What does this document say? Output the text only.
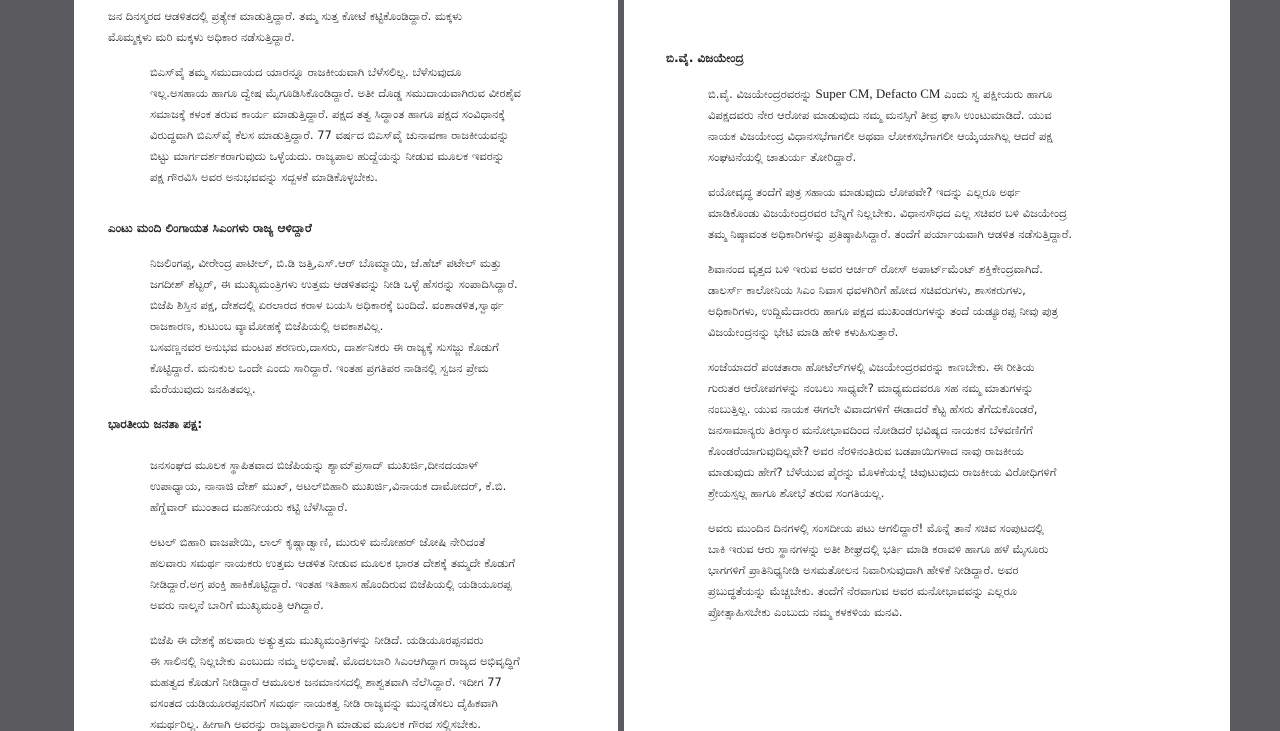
ಜನ ದಿನಸ್ಮರದ ಆಡಳಿತದಲ್ಲಿ ಪ್ರತ್ಯೇಕ ಮಾಡುತ್ತಿದ್ದಾರೆ. ತಮ್ಮ ಸುತ್ತ ಕೋಟೆ ಕಟ್ಟಿಕೊಂಡಿದ್ದಾರೆ. ಮಕ್ಕಳು
ಮೊಮ್ಮಕ್ಕಳು ಮರಿ ಮಕ್ಕಳು ಅಧಿಕಾರ ನಡೆಸುತ್ತಿದ್ದಾರೆ.
ಬಿಎಸ್‌ವೈ ತಮ್ಮ ಸಮುದಾಯದ ಯಾರನ್ನೂ ರಾಜಕೀಯವಾಗಿ ಬೆಳೆಸಲಿಲ್ಲ. ಬೆಳೆಸುವುದೂ
ಇಲ್ಲ.ಅಸಹಾಯ ಹಾಗೂ ದ್ವೇಷ ಮೈಗೂಡಿಸಿಕೊಂಡಿದ್ದಾರೆ. ಅತೀ ದೊಡ್ಡ ಸಮುದಾಯವಾಗಿರುವ ವೀರಶೈವ
ಸಮಾಜಕ್ಕೆ ಕಳಂಕ ತರುವ ಕಾರ್ಯ ಮಾಡುತ್ತಿದ್ದಾರೆ. ಪಕ್ಷದ ತತ್ವ ಸಿದ್ಧಾಂತ ಹಾಗೂ ಪಕ್ಷದ ಸಂವಿಧಾನಕ್ಕೆ
ವಿರುದ್ಧವಾಗಿ ಬಿಎಸ್‌ವೈ ಕೆಲಸ ಮಾಡುತ್ತಿದ್ದಾರೆ. 77 ವರ್ಷದ ಬಿಎಸ್‌ವೈ ಚುನಾವಣಾ ರಾಜಕೀಯವನ್ನು
ಬಿಟ್ಟು ಮಾರ್ಗದರ್ಶಕರಾಗುವುದು ಒಳ್ಳೆಯದು. ರಾಜ್ಯಪಾಲ ಹುದ್ದೆಯನ್ನು ನೀಡುವ ಮೂಲಕ ಇವರನ್ನು
ಪಕ್ಷ ಗೌರವಿಸಿ ಅವರ ಅನುಭವವನ್ನು ಸದ್ಬಳಕೆ ಮಾಡಿಕೊಳ್ಳಬೇಕು.
ಎಂಟು ಮಂದಿ ಲಿಂಗಾಯತ ಸಿಎಂಗಳು ರಾಜ್ಯ ಆಳಿದ್ದಾರೆ
ನಿಜಲಿಂಗಪ್ಪ, ವೀರೇಂದ್ರ ಪಾಟೀಲ್, ಬಿ.ಡಿ ಜತ್ತಿ,ಎಸ್.ಆರ್ ಬೊಮ್ಮಾಯಿ, ಜೆ.ಹೆಚ್ ಪಟೇಲ್ ಮತ್ತು
ಜಗದೀಶ್ ಶೆಟ್ಟರ್, ಈ ಮುಖ್ಯಮಂತ್ರಿಗಳು ಉತ್ತಮ ಆಡಳಿತವನ್ನು ನೀಡಿ ಒಳ್ಳೆ ಹೆಸರನ್ನು ಸಂಪಾದಿಸಿದ್ದಾರೆ.
ಬಿಜೆಪಿ ಶಿಸ್ತಿನ ಪಕ್ಷ, ದೇಶದಲ್ಲಿ ಏರಲಾರದ ಕರಾಳ ಬಯಸಿ ಅಧಿಕಾರಕ್ಕೆ ಬಂದಿದೆ. ವಂಶಾಡಳಿತ,ಸ್ವಾರ್ಥ
ರಾಜಕಾರಣ, ಕುಟುಂಬ ವ್ಯಾಮೋಹಕ್ಕೆ ಬಿಜೆಪಿಯಲ್ಲಿ ಅವಕಾಶವಿಲ್ಲ.
ಬಸವಣ್ಣನವರ ಅನುಭವ ಮಂಟಪ ಶರಣರು,ದಾಸರು, ದಾರ್ಶನಿಕರು ಈ ರಾಜ್ಯಕ್ಕೆ ಸುಸಜ್ಜು ಕೊಡುಗೆ
ಕೊಟ್ಟಿದ್ದಾರೆ. ಮನುಕುಲ ಒಂದೇ ಎಂದು ಸಾರಿದ್ದಾರೆ. ಇಂತಹ ಪ್ರಗತಿಪರ ನಾಡಿನಲ್ಲಿ ಸ್ವಜನ ಪ್ರೇಮ
ಮೆರೆಯುವುದು ಜನಹಿತವಲ್ಲ.
ಭಾರತೀಯ ಜನತಾ ಪಕ್ಷ:
ಜನಸಂಘದ ಮೂಲಕ ಸ್ಥಾಪಿತವಾದ ಬಿಜೆಪಿಯನ್ನು ಶ್ಯಾಮ್‌ಪ್ರಸಾದ್ ಮುಖರ್ಜಿ,ದೀನದಯಾಳ್
ಉಪಾಧ್ಯಾಯ, ನಾನಾಜಿ ದೇಶ್ ಮುಖ್, ಅಟಲ್‌ಬಿಹಾರಿ ಮುಖರ್ಜಿ,ವಿನಾಯಕ ದಾಮೋದರ್, ಕೆ.ಬಿ.
ಹೆಗ್ಡೆವಾರ್ ಮುಂತಾದ ಮಹನೀಯರು ಕಟ್ಟಿ ಬೆಳೆಸಿದ್ದಾರೆ.
ಅಟಲ್ ಬಿಹಾರಿ ವಾಜಪೇಯಿ, ಲಾಲ್ ಕೃಷ್ಣಾಡ್ವಾಣಿ, ಮುರುಳಿ ಮನೋಹರ್ ಜೋಷಿ ನೇರಿದಂತೆ
ಹಲವಾರು ಸಮರ್ಥ ನಾಯಕರು ಉತ್ತಮ ಆಡಳಿತ ನೀಡುವ ಮೂಲಕ ಭಾರತ ದೇಶಕ್ಕೆ ತಮ್ಮದೇ ಕೊಡುಗೆ
ನೀಡಿದ್ದಾರೆ.ಅಗ್ರ ಪಂಕ್ತಿ ಹಾಕಿಕೊಟ್ಟಿದ್ದಾರೆ. ಇಂತಹ ಇತಿಹಾಸ ಹೊಂದಿರುವ ಬಿಜೆಪಿಯಲ್ಲಿ ಯಡಿಯೂರಪ್ಪ
ಅವರು ನಾಲ್ಕನೆ ಬಾರಿಗೆ ಮುಖ್ಯಮಂತ್ರಿ ಆಗಿದ್ದಾರೆ.
ಬಿಜೆಪಿ ಈ ದೇಶಕ್ಕೆ ಹಲವಾರು ಅತ್ಯುತ್ತಮ ಮುಖ್ಯಮಂತ್ರಿಗಳನ್ನು ನೀಡಿದೆ. ಯಡಿಯೂರಪ್ಪನವರು
ಈ ಸಾಲಿನಲ್ಲಿ ನಿಲ್ಲಬೇಕು ಎಂಬುದು ನಮ್ಮ ಅಭಿಲಾಷೆ. ಮೊದಲಬಾರಿ ಸಿಎಂಆಗಿದ್ದಾಗ ರಾಜ್ಯದ ಅಭಿವೃದ್ಧಿಗೆ
ಮಹತ್ವದ ಕೊಡುಗೆ ನೀಡಿದ್ದಾರೆ ಆಮೂಲಕ ಜನಮಾನಸದಲ್ಲಿ ಶಾಶ್ವತವಾಗಿ ನೆಲೆಸಿದ್ದಾರೆ. ಇದೀಗ 77
ವಸಂತದ ಯಡಿಯೂರಪ್ಪನವರಿಗೆ ಸಮರ್ಥ ನಾಯಕತ್ವ ನೀಡಿ ರಾಜ್ಯವನ್ನು ಮುನ್ನಡೆಸಲು ದೈಹಿಕವಾಗಿ
ಸಮರ್ಥರಿಲ್ಲ. ಹೀಗಾಗಿ ಅವರನ್ನು ರಾಜ್ಯಪಾಲರನ್ನಾಗಿ ಮಾಡುವ ಮೂಲಕ ಗೌರವ ಸಲ್ಲಿಸಬೇಕು.
ಬಿ.ವೈ. ವಿಜಯೇಂದ್ರ
ಬಿ.ವೈ. ವಿಜಯೇಂದ್ರರವರನ್ನು Super CM, Defacto CM ಎಂದು ಸ್ವ ಪಕ್ಷೀಯರು ಹಾಗೂ
ವಿಪಕ್ಷದವರು ನೇರ ಆರೋಪ ಮಾಡುವುದು ನಮ್ಮ ಮನಸ್ಸಿಗೆ ತೀವ್ರ ಘಾಸಿ ಉಂಟುಮಾಡಿದೆ. ಯುವ
ನಾಯಕ ವಿಜಯೇಂದ್ರ ವಿಧಾನಸಭೆಗಾಗಲೀ ಅಥವಾ ಲೋಕಸಭೆಗಾಗಲೀ ಆಯ್ಕೆಯಾಗಿಲ್ಲ ಆದರೆ ಪಕ್ಷ
ಸಂಘಟನೆಯಲ್ಲಿ ಚಾತುರ್ಯ ತೋರಿದ್ದಾರೆ.
ವಯೋವೃದ್ಧ ತಂದೆಗೆ ಪುತ್ರ ಸಹಾಯ ಮಾಡುವುದು ಲೋಪವೇ? ಇದನ್ನು ಎಲ್ಲರೂ ಅರ್ಥ
ಮಾಡಿಕೊಂಡು ವಿಜಯೇಂದ್ರರವರ ಬೆನ್ನಿಗೆ ನಿಲ್ಲಬೇಕು. ವಿಧಾನಸೌಧದ ಎಲ್ಲ ಸಚಿವರ ಬಳಿ ವಿಜಯೇಂದ್ರ
ತಮ್ಮ ನಿಷ್ಠಾವಂತ ಅಧಿಕಾರಿಗಳನ್ನು ಪ್ರತಿಷ್ಠಾಪಿಸಿದ್ದಾರೆ. ತಂದೆಗೆ ಪರ್ಯಾಯವಾಗಿ ಆಡಳಿತ ನಡೆಸುತ್ತಿದ್ದಾರೆ.
ಶಿವಾನಂದ ವೃತ್ತದ ಬಳಿ ಇರುವ ಅವರ ಆರ್ಚರ್ ರೋಸ್ ಅಪಾರ್ಟ್‌ಮೆಂಟ್ ಶಕ್ತಿಕೇಂದ್ರವಾಗಿದೆ.
ಡಾಲರ್ಸ್ ಕಾಲೋನಿಯ ಸಿಎಂ ನಿವಾಸ ಧವಳಗಿರಿಗೆ ಹೋದ ಸಚಿವರುಗಳು, ಶಾಸಕರುಗಳು,
ಅಧಿಕಾರಿಗಳು, ಉದ್ದಿಮೆದಾರರು ಹಾಗೂ ಪಕ್ಷದ ಮುಖಂಡರುಗಳನ್ನು ತಂದೆ ಯಡ್ಯೂರಪ್ಪ ನೀವು ಪುತ್ರ
ವಿಜಯೇಂದ್ರನನ್ನು ಭೇಟಿ ಮಾಡಿ ಹೇಳಿ ಕಳುಹಿಸುತ್ತಾರೆ.
ಸಂಜೆಯಾದರೆ ಪಂಚತಾರಾ ಹೋಟೆಲ್‌ಗಳಲ್ಲಿ ವಿಜಯೇಂದ್ರರವರನ್ನು ಕಾಣಬೇಕು. ಈ ರೀತಿಯ
ಗುರುತರ ಆರೋಪಗಳನ್ನು ನಂಬಲು ಸಾಧ್ಯವೇ? ಮಾಧ್ಯಮದವರೂ ಸಹ ನಮ್ಮ ಮಾತುಗಳನ್ನು
ನಂಬುತ್ತಿಲ್ಲ. ಯುವ ನಾಯಕ ಈಗಲೇ ವಿವಾದಗಳಿಗೆ ಈಡಾದರೆ ಕೆಟ್ಟ ಹೆಸರು ತೆಗೆದುಕೊಂಡರೆ,
ಜನಸಾಮಾನ್ಯರು ತಿರಸ್ಕಾರ ಮನೋಭಾವದಿಂದ ನೋಡಿದರೆ ಭವಿಷ್ಯದ ನಾಯಕನ ಬೆಳವಣಿಗೆಗೆ
ಕೊಂಡರೆಯಾಗುವುದಿಲ್ಲವೇ? ಅವರ ನೆರಳಿನಂತಿರುವ ಬಡಪಾಯಿಗಳಾದ ನಾವು ರಾಜಕೀಯ
ಮಾಡುವುದು ಹೇಗೆ? ಬೆಳೆಯುವ ಪೈರನ್ನು ಮೊಳಕೆಯಲ್ಲೆ ಚಿವುಟುವುದು ರಾಜಕೀಯ ವಿರೋಧಿಗಳಿಗೆ
ಶ್ರೇಯಸ್ಸಲ್ಲ ಹಾಗೂ ಶೋಭೆ ತರುವ ಸಂಗತಿಯಲ್ಲ.
ಅವರು ಮುಂದಿನ ದಿನಗಳಲ್ಲಿ ಸಂಸದೀಯ ಪಟು ಆಗಲಿದ್ದಾರೆ! ಮೊನ್ನೆ ತಾನೆ ಸಚಿವ ಸಂಪುಟದಲ್ಲಿ
ಬಾಕಿ ಇರುವ ಆರು ಸ್ಥಾನಗಳನ್ನು ಅತೀ ಶೀಘ್ರದಲ್ಲಿ ಭರ್ತಿ ಮಾಡಿ ಕರಾವಳಿ ಹಾಗೂ ಹಳೆ ಮೈಸೂರು
ಭಾಗಗಳಿಗೆ ಪ್ರಾತಿನಿಧ್ಯನೀಡಿ ಅಸಮತೋಲನ ನಿವಾರಿಸುವುದಾಗಿ ಹೇಳಿಕೆ ನೀಡಿದ್ದಾರೆ. ಅವರ
ಪ್ರಬುದ್ಧತೆಯನ್ನು ಮೆಚ್ಚಬೇಕು. ತಂದೆಗೆ ನೆರವಾಗುವ ಅವರ ಮನೋಭಾವವನ್ನು ಎಲ್ಲರೂ
ಪ್ರೋತ್ಸಾಹಿಸಬೇಕು ಎಂಬುದು ನಮ್ಮ ಕಳಕಳಿಯ ಮನವಿ.
